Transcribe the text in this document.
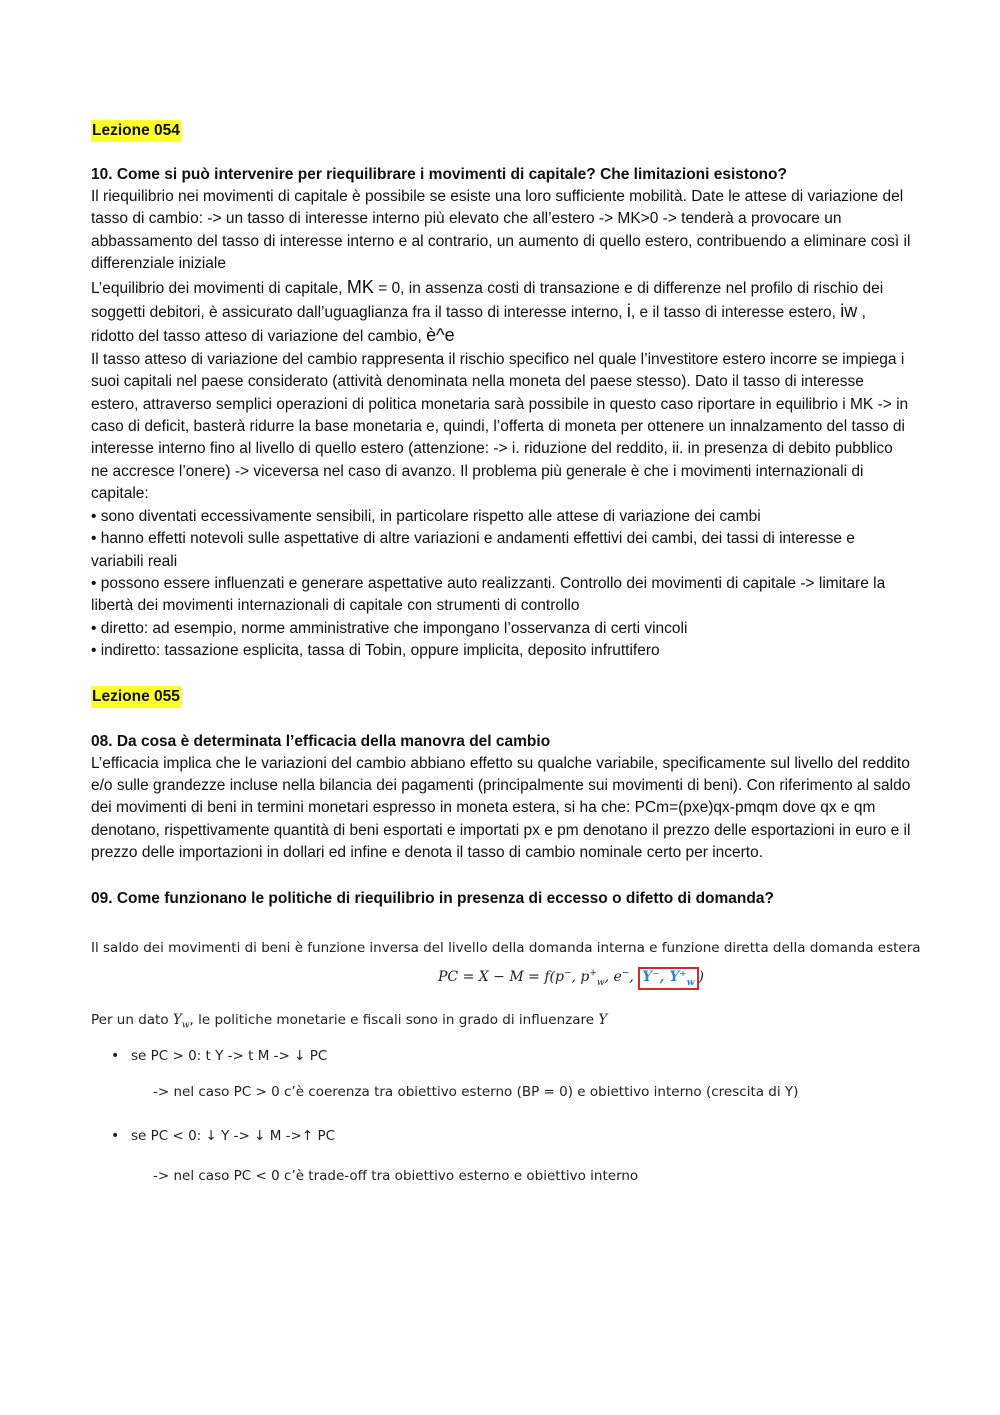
Lezione 054

10. Come si può intervenire per riequilibrare i movimenti di capitale? Che limitazioni esistono?

Il riequilibrio nei movimenti di capitale è possibile se esiste una loro sufficiente mobilità. Date le attese di variazione del tasso di cambio: -> un tasso di interesse interno più elevato che all’estero -> MK>0 -> tenderà a provocare un abbassamento del tasso di interesse interno e al contrario, un aumento di quello estero, contribuendo a eliminare così il differenziale iniziale

L’equilibrio dei movimenti di capitale, MK = 0, in assenza costi di transazione e di differenze nel profilo di rischio dei soggetti debitori, è assicurato dall’uguaglianza fra il tasso di interesse interno, i, e il tasso di interesse estero, iw , ridotto del tasso atteso di variazione del cambio, è^e

Il tasso atteso di variazione del cambio rappresenta il rischio specifico nel quale l’investitore estero incorre se impiega i suoi capitali nel paese considerato (attività denominata nella moneta del paese stesso). Dato il tasso di interesse estero, attraverso semplici operazioni di politica monetaria sarà possibile in questo caso riportare in equilibrio i MK -> in caso di deficit, basterà ridurre la base monetaria e, quindi, l’offerta di moneta per ottenere un innalzamento del tasso di interesse interno fino al livello di quello estero (attenzione: -> i. riduzione del reddito, ii. in presenza di debito pubblico ne accresce l’onere) -> viceversa nel caso di avanzo. Il problema più generale è che i movimenti internazionali di capitale:

• sono diventati eccessivamente sensibili, in particolare rispetto alle attese di variazione dei cambi

• hanno effetti notevoli sulle aspettative di altre variazioni e andamenti effettivi dei cambi, dei tassi di interesse e variabili reali

• possono essere influenzati e generare aspettative auto realizzanti. Controllo dei movimenti di capitale -> limitare la libertà dei movimenti internazionali di capitale con strumenti di controllo

• diretto: ad esempio, norme amministrative che impongano l’osservanza di certi vincoli

• indiretto: tassazione esplicita, tassa di Tobin, oppure implicita, deposito infruttifero

Lezione 055

08. Da cosa è determinata l’efficacia della manovra del cambio

L’efficacia implica che le variazioni del cambio abbiano effetto su qualche variabile, specificamente sul livello del reddito e/o sulle grandezze incluse nella bilancia dei pagamenti (principalmente sui movimenti di beni). Con riferimento al saldo dei movimenti di beni in termini monetari espresso in moneta estera, si ha che: PCm=(pxe)qx-pmqm dove qx e qm denotano, rispettivamente quantità di beni esportati e importati px e pm denotano il prezzo delle esportazioni in euro e il prezzo delle importazioni in dollari ed infine e denota il tasso di cambio nominale certo per incerto.

09. Come funzionano le politiche di riequilibrio in presenza di eccesso o difetto di domanda?

Il saldo dei movimenti di beni è funzione inversa del livello della domanda interna e funzione diretta della domanda estera
PC = X − M = f(p−, $p^+_w$, e−, Y⁻, $Y^+_w$ )
Per un dato $Y_w$, le politiche monetarie e fiscali sono in grado di influenzare Y
• se PC > 0: t Y -> t M -> ↓ PC
-> nel caso PC > 0 c’è coerenza tra obiettivo esterno (BP = 0) e obiettivo interno (crescita di Y)
• se PC < 0: ↓ Y -> ↓ M ->↑ PC
-> nel caso PC < 0 c’è trade-off tra obiettivo esterno e obiettivo interno
